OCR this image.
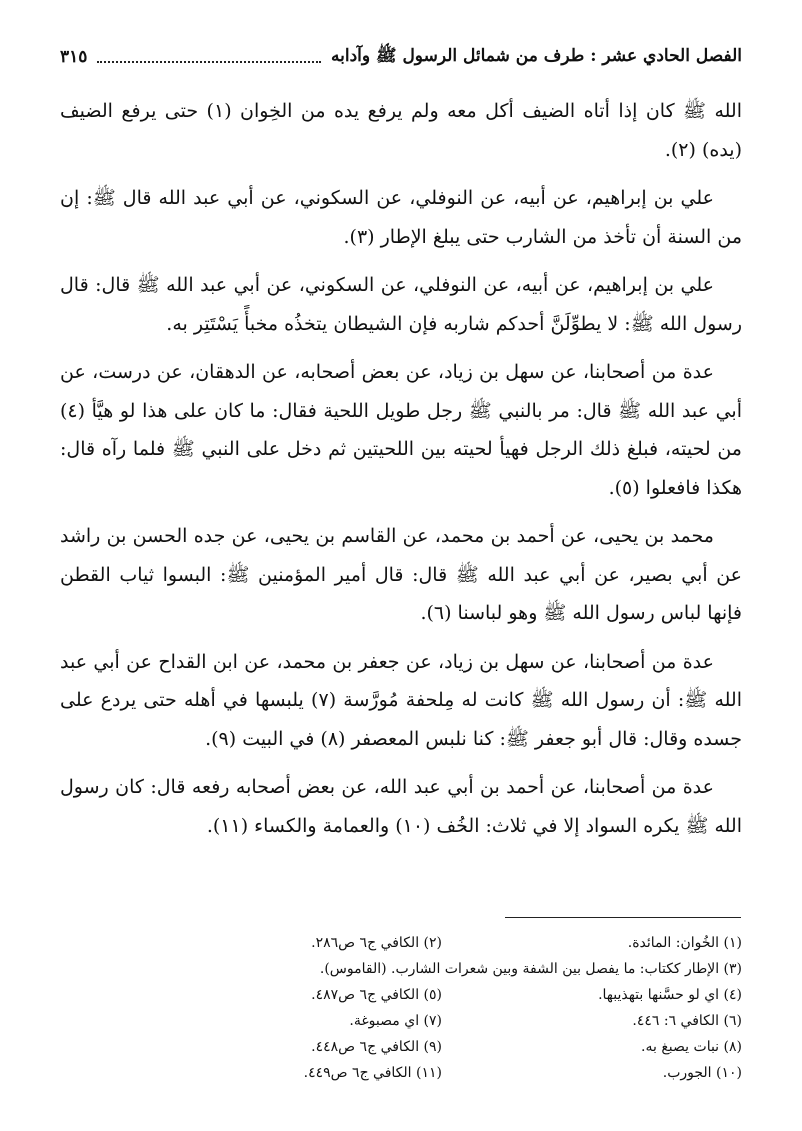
الفصل الحادي عشر : طرف من شمائل الرسول ﷺ وآدابه
٣١٥

الله ﷺ كان إذا أتاه الضيف أكل معه ولم يرفع يده من الخِوان (١) حتى يرفع الضيف (يده) (٢).

علي بن إبراهيم، عن أبيه، عن النوفلي، عن السكوني، عن أبي عبد الله قال ﷺ: إن من السنة أن تأخذ من الشارب حتى يبلغ الإطار (٣).

علي بن إبراهيم، عن أبيه، عن النوفلي، عن السكوني، عن أبي عبد الله ﷺ قال: قال رسول الله ﷺ: لا يطوِّلَنَّ أحدكم شاربه فإن الشيطان يتخذُه مخبأً يَسْتَتِر به.

عدة من أصحابنا، عن سهل بن زياد، عن بعض أصحابه، عن الدهقان، عن درست، عن أبي عبد الله ﷺ قال: مر بالنبي ﷺ رجل طويل اللحية فقال: ما كان على هذا لو هيَّأ (٤) من لحيته، فبلغ ذلك الرجل فهيأ لحيته بين اللحيتين ثم دخل على النبي ﷺ فلما رآه قال: هكذا فافعلوا (٥).

محمد بن يحيى، عن أحمد بن محمد، عن القاسم بن يحيى، عن جده الحسن بن راشد عن أبي بصير، عن أبي عبد الله ﷺ قال: قال أمير المؤمنين ﷺ: البسوا ثياب القطن فإنها لباس رسول الله ﷺ وهو لباسنا (٦).

عدة من أصحابنا، عن سهل بن زياد، عن جعفر بن محمد، عن ابن القداح عن أبي عبد الله ﷺ: أن رسول الله ﷺ كانت له مِلحفة مُورَّسة (٧) يلبسها في أهله حتى يردع على جسده وقال: قال أبو جعفر ﷺ: كنا نلبس المعصفر (٨) في البيت (٩).

عدة من أصحابنا، عن أحمد بن أبي عبد الله، عن بعض أصحابه رفعه قال: كان رسول الله ﷺ يكره السواد إلا في ثلاث: الخُف (١٠) والعمامة والكساء (١١).

(١) الخُوان: المائدة.
(٢) الكافي ج٦ ص٢٨٦.
(٣) الإطار ككتاب: ما يفصل بين الشفة وبين شعرات الشارب. (القاموس).
(٤) اي لو حسَّنها بتهذيبها.
(٥) الكافي ج٦ ص٤٨٧.
(٦) الكافي ٦: ٤٤٦.
(٧) اي مصبوغة.
(٨) نبات يصبغ به.
(٩) الكافي ج٦ ص٤٤٨.
(١٠) الجورب.
(١١) الكافي ج٦ ص٤٤٩.
